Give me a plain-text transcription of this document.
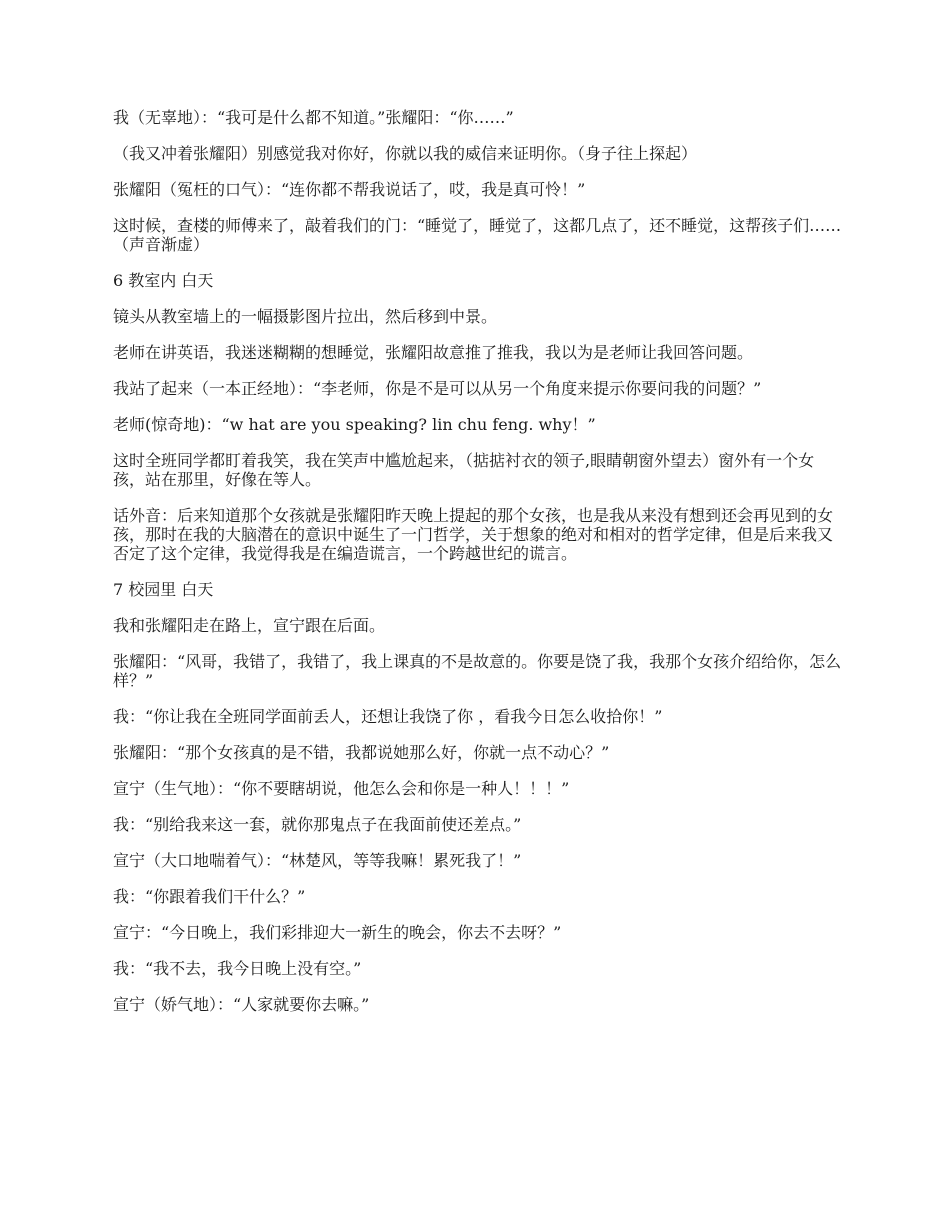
我（无辜地）：“我可是什么都不知道。”张耀阳：“你……”

（我又冲着张耀阳）别感觉我对你好，你就以我的威信来证明你。（身子往上探起）

张耀阳（冤枉的口气）：“连你都不帮我说话了，哎，我是真可怜！”

这时候，查楼的师傅来了，敲着我们的门：“睡觉了，睡觉了，这都几点了，还不睡觉，这帮孩子们……（声音渐虚）

6 教室内 白天

镜头从教室墙上的一幅摄影图片拉出，然后移到中景。

老师在讲英语，我迷迷糊糊的想睡觉，张耀阳故意推了推我，我以为是老师让我回答问题。

我站了起来（一本正经地）：“李老师，你是不是可以从另一个角度来提示你要问我的问题？”

老师(惊奇地)：“w hat are you speaking? lin chu feng. why！”

这时全班同学都盯着我笑，我在笑声中尴尬起来，（掂掂衬衣的领子,眼睛朝窗外望去）窗外有一个女孩，站在那里，好像在等人。

话外音：后来知道那个女孩就是张耀阳昨天晚上提起的那个女孩，也是我从来没有想到还会再见到的女孩，那时在我的大脑潜在的意识中诞生了一门哲学，关于想象的绝对和相对的哲学定律，但是后来我又否定了这个定律，我觉得我是在编造谎言，一个跨越世纪的谎言。

7 校园里 白天

我和张耀阳走在路上，宣宁跟在后面。

张耀阳：“风哥，我错了，我错了，我上课真的不是故意的。你要是饶了我，我那个女孩介绍给你，怎么样？”

我：“你让我在全班同学面前丢人，还想让我饶了你 ，看我今日怎么收拾你！”

张耀阳：“那个女孩真的是不错，我都说她那么好，你就一点不动心？”

宣宁（生气地）：“你不要瞎胡说，他怎么会和你是一种人！！！”

我：“别给我来这一套，就你那鬼点子在我面前使还差点。”

宣宁（大口地喘着气）：“林楚风，等等我嘛！累死我了！”

我：“你跟着我们干什么？”

宣宁：“今日晚上，我们彩排迎大一新生的晚会，你去不去呀？”

我：“我不去，我今日晚上没有空。”

宣宁（娇气地）：“人家就要你去嘛。”
